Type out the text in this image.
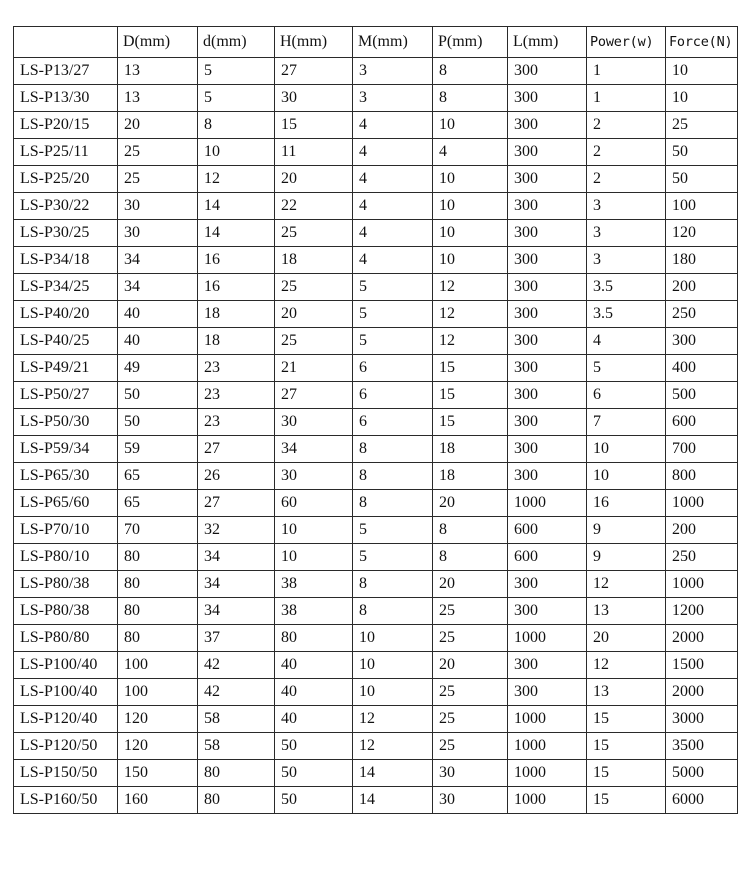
	D(mm)	d(mm)	H(mm)	M(mm)	P(mm)	L(mm)	Power(w)	Force(N)
LS-P13/27	13	5	27	3	8	300	1	10
LS-P13/30	13	5	30	3	8	300	1	10
LS-P20/15	20	8	15	4	10	300	2	25
LS-P25/11	25	10	11	4	4	300	2	50
LS-P25/20	25	12	20	4	10	300	2	50
LS-P30/22	30	14	22	4	10	300	3	100
LS-P30/25	30	14	25	4	10	300	3	120
LS-P34/18	34	16	18	4	10	300	3	180
LS-P34/25	34	16	25	5	12	300	3.5	200
LS-P40/20	40	18	20	5	12	300	3.5	250
LS-P40/25	40	18	25	5	12	300	4	300
LS-P49/21	49	23	21	6	15	300	5	400
LS-P50/27	50	23	27	6	15	300	6	500
LS-P50/30	50	23	30	6	15	300	7	600
LS-P59/34	59	27	34	8	18	300	10	700
LS-P65/30	65	26	30	8	18	300	10	800
LS-P65/60	65	27	60	8	20	1000	16	1000
LS-P70/10	70	32	10	5	8	600	9	200
LS-P80/10	80	34	10	5	8	600	9	250
LS-P80/38	80	34	38	8	20	300	12	1000
LS-P80/38	80	34	38	8	25	300	13	1200
LS-P80/80	80	37	80	10	25	1000	20	2000
LS-P100/40	100	42	40	10	20	300	12	1500
LS-P100/40	100	42	40	10	25	300	13	2000
LS-P120/40	120	58	40	12	25	1000	15	3000
LS-P120/50	120	58	50	12	25	1000	15	3500
LS-P150/50	150	80	50	14	30	1000	15	5000
LS-P160/50	160	80	50	14	30	1000	15	6000
